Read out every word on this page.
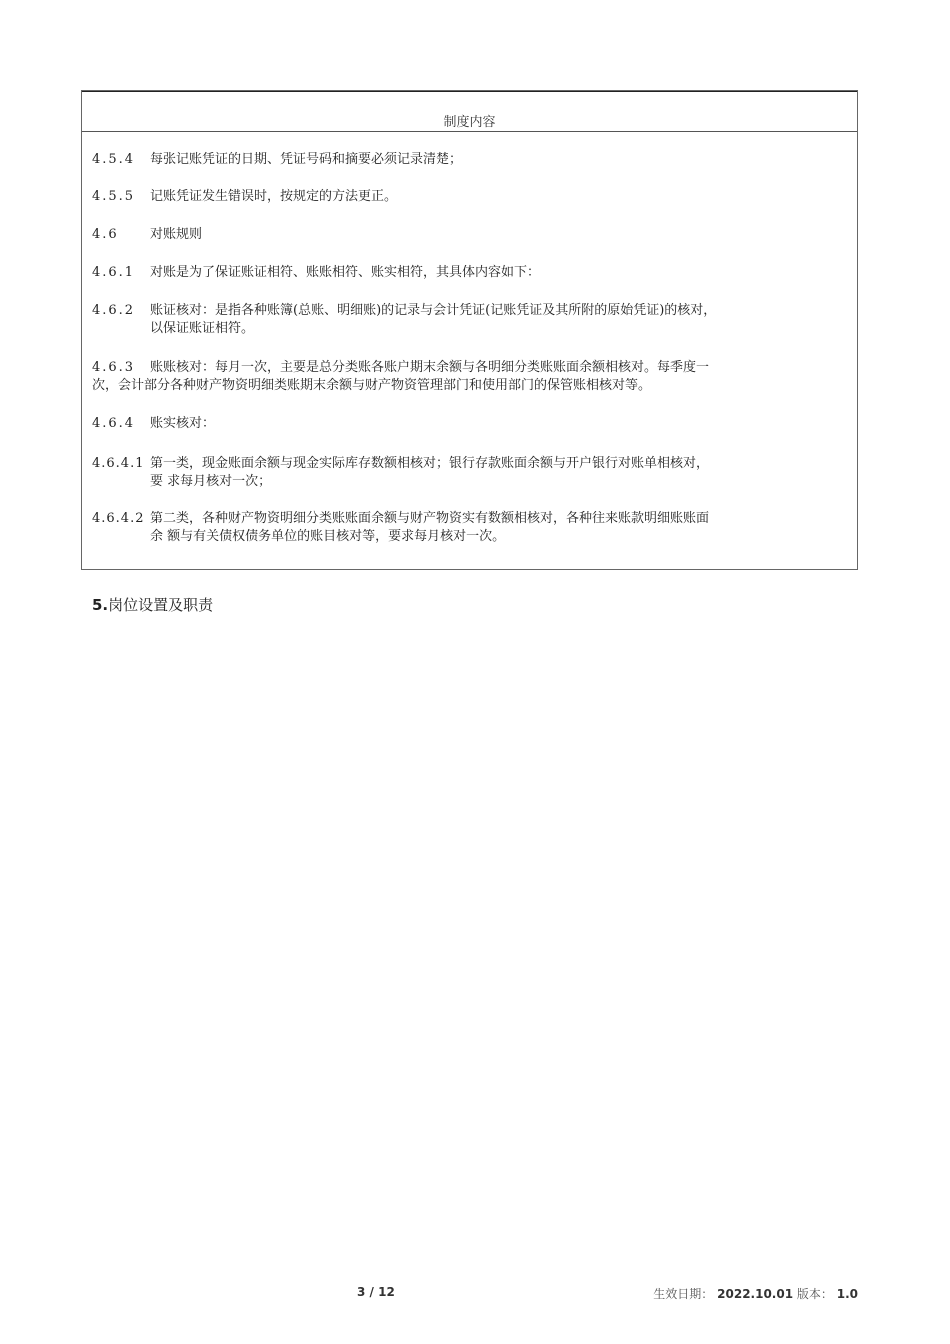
制度内容
4.5.4 每张记账凭证的日期、凭证号码和摘要必须记录清楚；
4.5.5 记账凭证发生错误时，按规定的方法更正。
4.6 对账规则
4.6.1 对账是为了保证账证相符、账账相符、账实相符，其具体内容如下：
4.6.2 账证核对：是指各种账簿(总账、明细账)的记录与会计凭证(记账凭证及其所附的原始凭证)的核对，
以保证账证相符。
4.6.3 账账核对：每月一次，主要是总分类账各账户期末余额与各明细分类账账面余额相核对。每季度一
次，会计部分各种财产物资明细类账期末余额与财产物资管理部门和使用部门的保管账相核对等。
4.6.4 账实核对：
4.6.4.1 第一类，现金账面余额与现金实际库存数额相核对；银行存款账面余额与开户银行对账单相核对，
要 求每月核对一次；
4.6.4.2 第二类，各种财产物资明细分类账账面余额与财产物资实有数额相核对，各种往来账款明细账账面
余 额与有关债权债务单位的账目核对等，要求每月核对一次。
5.岗位设置及职责
3 / 12	生效日期： 2022.10.01 版本： 1.0
